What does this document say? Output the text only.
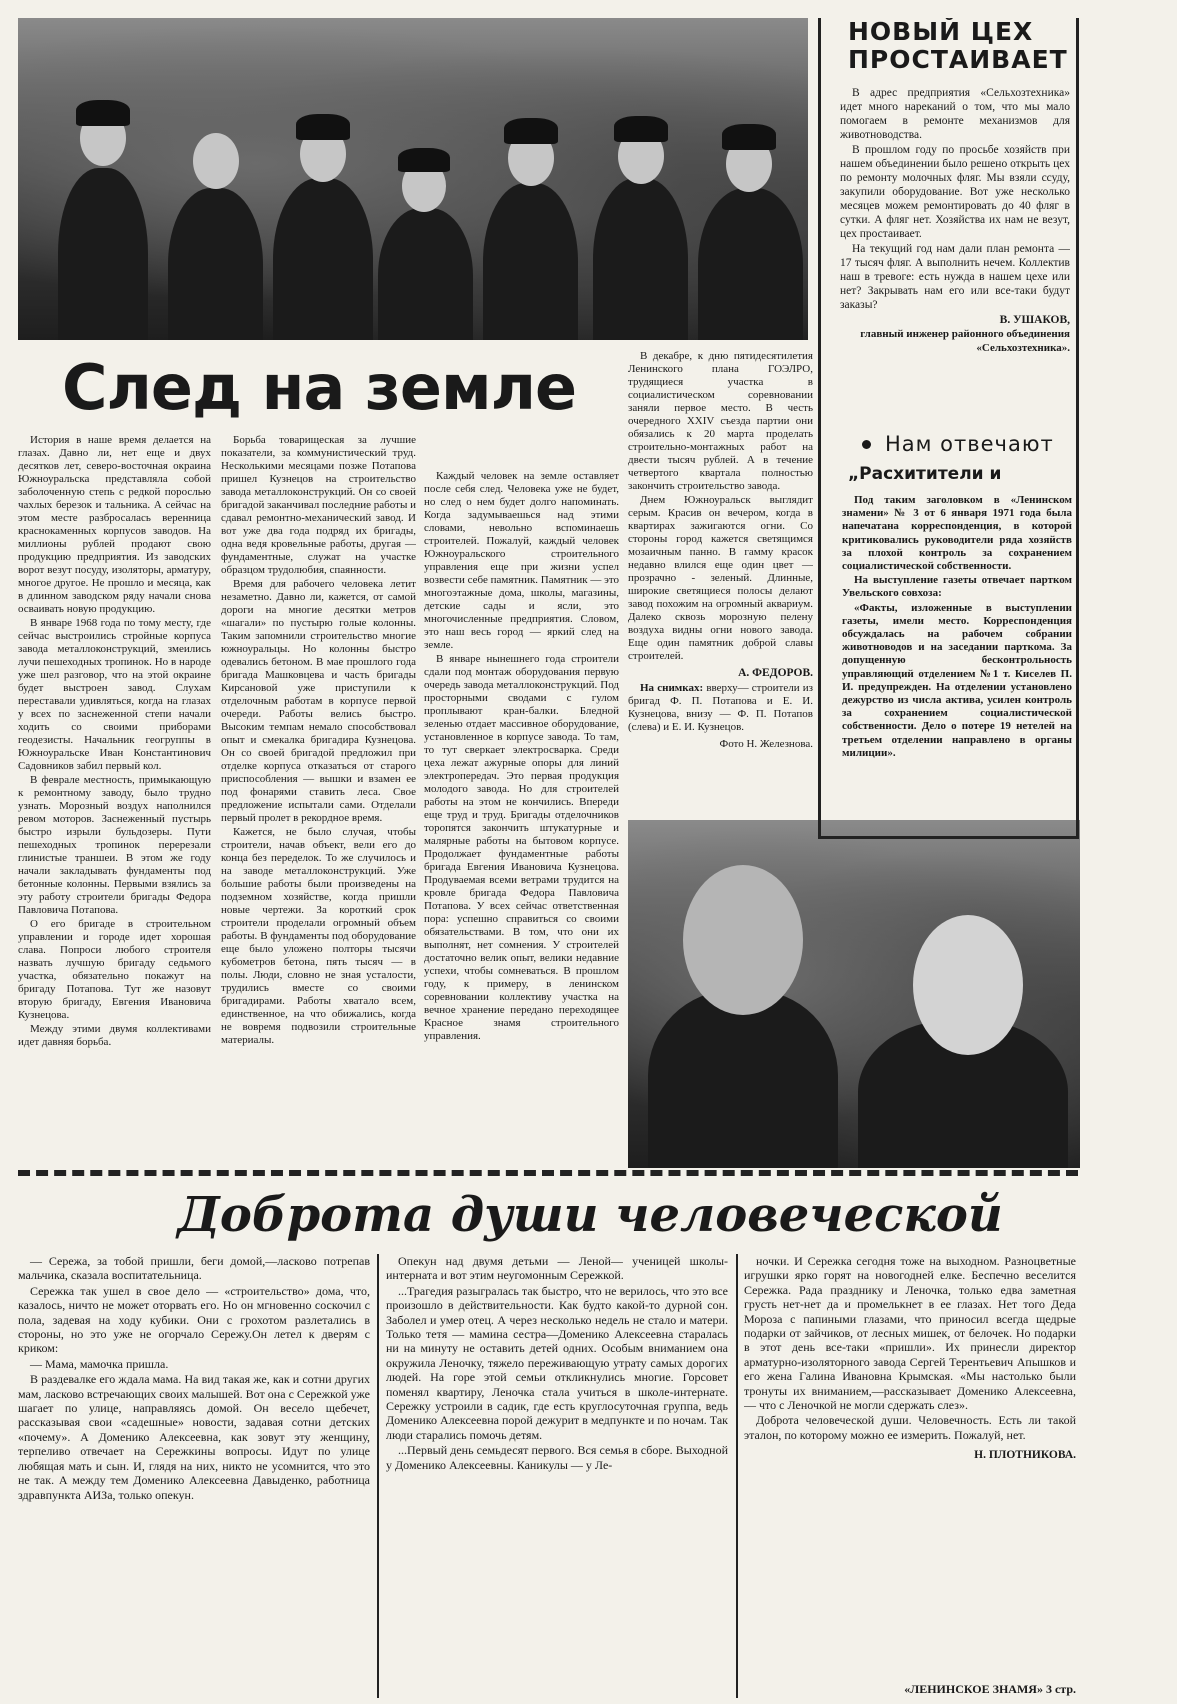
След на земле

История в наше время делается на глазах. Давно ли, нет еще и двух десятков лет, северо-восточная окраина Южноуральска представляла собой заболоченную степь с редкой порослью чахлых березок и тальника. А сейчас на этом месте разбросалась веренница краснокаменных корпусов заводов. На миллионы рублей продают свою продукцию предприятия. Из заводских ворот везут посуду, изоляторы, арматуру, многое другое. Не прошло и месяца, как в длинном заводском ряду начали снова осваивать новую продукцию.

В январе 1968 года по тому месту, где сейчас выстроились стройные корпуса завода металлоконструкций, змеились лучи пешеходных тропинок. Но в народе уже шел разговор, что на этой окраине будет выстроен завод. Слухам переставали удивляться, когда на глазах у всех по заснеженной степи начали ходить со своими приборами геодезисты. Начальник геогруппы в Южноуральске Иван Константинович Садовников забил первый кол.

В феврале местность, примыкающую к ремонтному заводу, было трудно узнать. Морозный воздух наполнился ревом моторов. Заснеженный пустырь быстро изрыли бульдозеры. Пути пешеходных тропинок перерезали глинистые траншеи. В этом же году начали закладывать фундаменты под бетонные колонны. Первыми взялись за эту работу строители бригады Федора Павловича Потапова.

О его бригаде в строительном управлении и городе идет хорошая слава. Попроси любого строителя назвать лучшую бригаду седьмого участка, обязательно покажут на бригаду Потапова. Тут же назовут вторую бригаду, Евгения Ивановича Кузнецова.

Между этими двумя коллективами идет давняя борьба.

Борьба товарищеская за лучшие показатели, за коммунистический труд. Несколькими месяцами позже Потапова пришел Кузнецов на строительство завода металлоконструкций. Он со своей бригадой заканчивал последние работы и сдавал ремонтно-механический завод. И вот уже два года подряд их бригады, одна ведя кровельные работы, другая — фундаментные, служат на участке образцом трудолюбия, спаянности.

Время для рабочего человека летит незаметно. Давно ли, кажется, от самой дороги на многие десятки метров «шагали» по пустырю голые колонны. Таким запомнили строительство многие южноуральцы. Но колонны быстро одевались бетоном. В мае прошлого года бригада Машковцева и часть бригады Кирсановой уже приступили к отделочным работам в корпусе первой очереди. Работы велись быстро. Высоким темпам немало способствовал опыт и смекалка бригадира Кузнецова. Он со своей бригадой предложил при отделке корпуса отказаться от старого приспособления — вышки и взамен ее под фонарями ставить леса. Свое предложение испытали сами. Отделали первый пролет в рекордное время.

Кажется, не было случая, чтобы строители, начав объект, вели его до конца без переделок. То же случилось и на заводе металлоконструкций. Уже большие работы были произведены на подземном хозяйстве, когда пришли новые чертежи. За короткий срок строители проделали огромный объем работы. В фундаменты под оборудование еще было уложено полторы тысячи кубометров бетона, пять тысяч — в полы. Люди, словно не зная усталости, трудились вместе со своими бригадирами. Работы хватало всем, единственное, на что обижались, когда не вовремя подвозили строительные материалы.

Каждый человек на земле оставляет после себя след. Человека уже не будет, но след о нем будет долго напоминать. Когда задумываешься над этими словами, невольно вспоминаешь строителей. Пожалуй, каждый человек Южноуральского строительного управления еще при жизни успел возвести себе памятник. Памятник — это многоэтажные дома, школы, магазины, детские сады и ясли, это многочисленные предприятия. Словом, это наш весь город — яркий след на земле.

В январе нынешнего года строители сдали под монтаж оборудования первую очередь завода металлоконструкций. Под просторными сводами с гулом проплывают кран-балки. Бледной зеленью отдает массивное оборудование, установленное в корпусе завода. То там, то тут сверкает электросварка. Среди цеха лежат ажурные опоры для линий электропередач. Это первая продукция молодого завода. Но для строителей работы на этом не кончились. Впереди еще труд и труд. Бригады отделочников торопятся закончить штукатурные и малярные работы на бытовом корпусе. Продолжает фундаментные работы бригада Евгения Ивановича Кузнецова. Продуваемая всеми ветрами трудится на кровле бригада Федора Павловича Потапова. У всех сейчас ответственная пора: успешно справиться со своими обязательствами. В том, что они их выполнят, нет сомнения. У строителей достаточно велик опыт, велики недавние успехи, чтобы сомневаться. В прошлом году, к примеру, в ленинском соревновании коллективу участка на вечное хранение передано переходящее Красное знамя строительного управления.

В декабре, к дню пятидесятилетия Ленинского плана ГОЭЛРО, трудящиеся участка в социалистическом соревновании заняли первое место. В честь очередного XXIV съезда партии они обязались к 20 марта проделать строительно-монтажных работ на двести тысяч рублей. А в течение четвертого квартала полностью закончить строительство завода.

Днем Южноуральск выглядит серым. Красив он вечером, когда в квартирах зажигаются огни. Со стороны город кажется светящимся мозаичным панно. В гамму красок недавно влился еще один цвет — прозрачно - зеленый. Длинные, широкие светящиеся полосы делают завод похожим на огромный аквариум. Далеко сквозь морозную пелену воздуха видны огни нового завода. Еще один памятник доброй славы строителей.

А. ФЕДОРОВ.

На снимках: вверху— строители из бригад Ф. П. Потапова и Е. И. Кузнецова, внизу — Ф. П. Потапов (слева) и Е. И. Кузнецов.

Фото Н. Железнова.
НОВЫЙ ЦЕХ
ПРОСТАИВАЕТ

В адрес предприятия «Сельхозтехника» идет много нареканий о том, что мы мало помогаем в ремонте механизмов для животноводства.

В прошлом году по просьбе хозяйств при нашем объединении было решено открыть цех по ремонту молочных фляг. Мы взяли ссуду, закупили оборудование. Вот уже несколько месяцев можем ремонтировать до 40 фляг в сутки. А фляг нет. Хозяйства их нам не везут, цех простаивает.

На текущий год нам дали план ремонта — 17 тысяч фляг. А выполнить нечем. Коллектив наш в тревоге: есть нужда в нашем цехе или нет? Закрывать нам его или все-таки будут заказы?

В. УШАКОВ,
главный инженер районного объединения «Сельхозтехника».
Нам отвечают
„Расхитители и

Под таким заголовком в «Ленинском знамени» № 3 от 6 января 1971 года была напечатана корреспонденция, в которой критиковались руководители ряда хозяйств за плохой контроль за сохранением социалистической собственности.

На выступление газеты отвечает партком Увельского совхоза:

«Факты, изложенные в выступлении газеты, имели место. Корреспонденция обсуждалась на рабочем собрании животноводов и на заседании парткома. За допущенную бесконтрольность управляющий отделением №1 т. Киселев П. И. предупрежден. На отделении установлено дежурство из числа актива, усилен контроль за сохранением социалистической собственности. Дело о потере 19 нетелей на третьем отделении направлено в органы милиции».

Доброта души человеческой

— Сережа, за тобой пришли, беги домой,—ласково потрепав мальчика, сказала воспитательница.

Сережка так ушел в свое дело — «строительство» дома, что, казалось, ничто не может оторвать его. Но он мгновенно соскочил с пола, задевая на ходу кубики. Они с грохотом разлетались в стороны, но это уже не огорчало Сережу.Он летел к дверям с криком:

— Мама, мамочка пришла.

В раздевалке его ждала мама. На вид такая же, как и сотни других мам, ласково встречающих своих малышей. Вот она с Сережкой уже шагает по улице, направляясь домой. Он весело щебечет, рассказывая свои «садешные» новости, задавая сотни детских «почему». А Доменико Алексеевна, как зовут эту женщину, терпеливо отвечает на Сережкины вопросы. Идут по улице любящая мать и сын. И, глядя на них, никто не усомнится, что это не так. А между тем Доменико Алексеевна Давыденко, работница здравпункта АИЗа, только опекун.

Опекун над двумя детьми — Леной— ученицей школы-интерната и вот этим неугомонным Сережкой.

...Трагедия разыгралась так быстро, что не верилось, что это все произошло в действительности. Как будто какой-то дурной сон. Заболел и умер отец. А через несколько недель не стало и матери. Только тетя — мамина сестра—Доменико Алексеевна старалась ни на минуту не оставить детей одних. Особым вниманием она окружила Леночку, тяжело переживающую утрату самых дорогих людей. На горе этой семьи откликнулись многие. Горсовет поменял квартиру, Леночка стала учиться в школе-интернате. Сережку устроили в садик, где есть круглосуточная группа, ведь Доменико Алексеевна порой дежурит в медпункте и по ночам. Так люди старались помочь детям.

...Первый день семьдесят первого. Вся семья в сборе. Выходной у Доменико Алексеевны. Каникулы — у Ле-

ночки. И Сережка сегодня тоже на выходном. Разноцветные игрушки ярко горят на новогодней елке. Беспечно веселится Сережка. Рада празднику и Леночка, только едва заметная грусть нет-нет да и промелькнет в ее глазах. Нет того Деда Мороза с папиными глазами, что приносил всегда щедрые подарки от зайчиков, от лесных мишек, от белочек. Но подарки в этот день все-таки «пришли». Их принесли директор арматурно-изоляторного завода Сергей Терентьевич Апышков и его жена Галина Ивановна Крымская. «Мы настолько были тронуты их вниманием,—рассказывает Доменико Алексеевна, — что с Леночкой не могли сдержать слез».

Доброта человеческой души. Человечность. Есть ли такой эталон, по которому можно ее измерить. Пожалуй, нет.

Н. ПЛОТНИКОВА.
«ЛЕНИНСКОЕ ЗНАМЯ» 3 стр.
